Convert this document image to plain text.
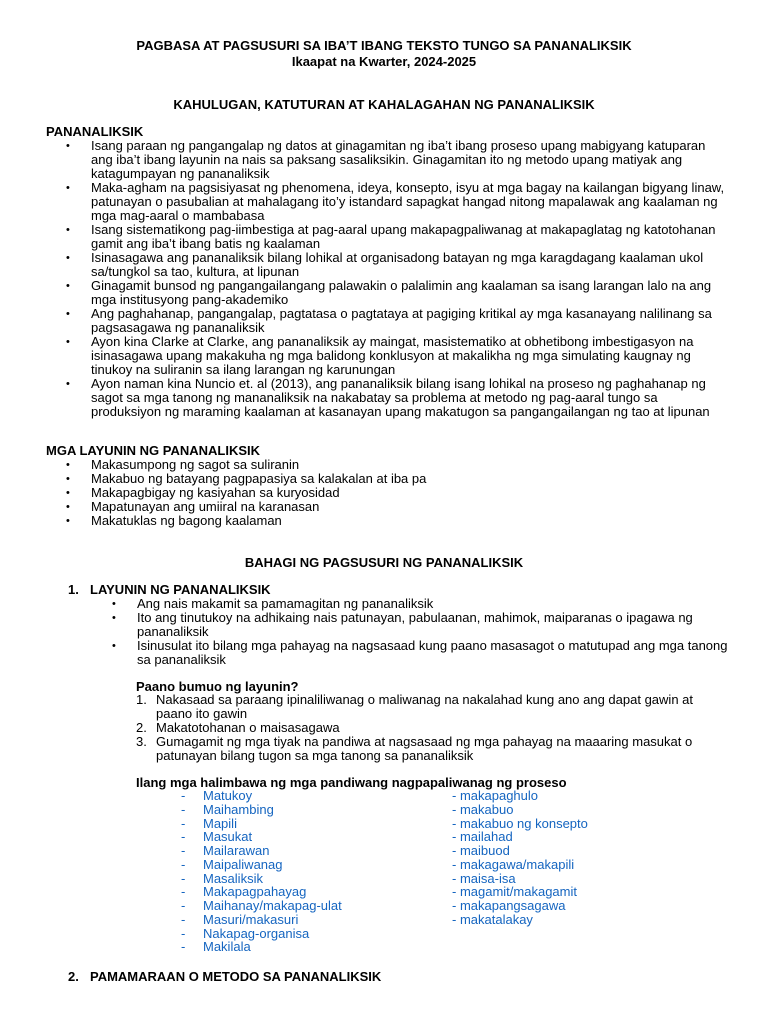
PAGBASA AT PAGSUSURI SA IBA’T IBANG TEKSTO TUNGO SA PANANALIKSIK
Ikaapat na Kwarter, 2024-2025
KAHULUGAN, KATUTURAN AT KAHALAGAHAN NG PANANALIKSIK
PANANALIKSIK
• Isang paraan ng pangangalap ng datos at ginagamitan ng iba’t ibang proseso upang mabigyang katuparan ang iba’t ibang layunin na nais sa paksang sasaliksikin. Ginagamitan ito ng metodo upang matiyak ang katagumpayan ng pananaliksik
• Maka-agham na pagsisiyasat ng phenomena, ideya, konsepto, isyu at mga bagay na kailangan bigyang linaw, patunayan o pasubalian at mahalagang ito’y istandard sapagkat hangad nitong mapalawak ang kaalaman ng mga mag-aaral o mambabasa
• Isang sistematikong pag-iimbestiga at pag-aaral upang makapagpaliwanag at makapaglatag ng katotohanan gamit ang iba’t ibang batis ng kaalaman
• Isinasagawa ang pananaliksik bilang lohikal at organisadong batayan ng mga karagdagang kaalaman ukol sa/tungkol sa tao, kultura, at lipunan
• Ginagamit bunsod ng pangangailangang palawakin o palalimin ang kaalaman sa isang larangan lalo na ang mga institusyong pang-akademiko
• Ang paghahanap, pangangalap, pagtatasa o pagtataya at pagiging kritikal ay mga kasanayang nalilinang sa pagsasagawa ng pananaliksik
• Ayon kina Clarke at Clarke, ang pananaliksik ay maingat, masistematiko at obhetibong imbestigasyon na isinasagawa upang makakuha ng mga balidong konklusyon at makalikha ng mga simulating kaugnay ng tinukoy na suliranin sa ilang larangan ng karunungan
• Ayon naman kina Nuncio et. al (2013), ang pananaliksik bilang isang lohikal na proseso ng paghahanap ng sagot sa mga tanong ng mananaliksik na nakabatay sa problema at metodo ng pag-aaral tungo sa produksiyon ng maraming kaalaman at kasanayan upang makatugon sa pangangailangan ng tao at lipunan
MGA LAYUNIN NG PANANALIKSIK
• Makasumpong ng sagot sa suliranin
• Makabuo ng batayang pagpapasiya sa kalakalan at iba pa
• Makapagbigay ng kasiyahan sa kuryosidad
• Mapatunayan ang umiiral na karanasan
• Makatuklas ng bagong kaalaman
BAHAGI NG PAGSUSURI NG PANANALIKSIK
1. LAYUNIN NG PANANALIKSIK
• Ang nais makamit sa pamamagitan ng pananaliksik
• Ito ang tinutukoy na adhikaing nais patunayan, pabulaanan, mahimok, maiparanas o ipagawa ng pananaliksik
• Isinusulat ito bilang mga pahayag na nagsasaad kung paano masasagot o matutupad ang mga tanong sa pananaliksik
Paano bumuo ng layunin?
1. Nakasaad sa paraang ipinaliliwanag o maliwanag na nakalahad kung ano ang dapat gawin at paano ito gawin
2. Makatotohanan o maisasagawa
3. Gumagamit ng mga tiyak na pandiwa at nagsasaad ng mga pahayag na maaaring masukat o patunayan bilang tugon sa mga tanong sa pananaliksik
Ilang mga halimbawa ng mga pandiwang nagpapaliwanag ng proseso
- Matukoy
- Maihambing
- Mapili
- Masukat
- Mailarawan
- Maipaliwanag
- Masaliksik
- Makapagpahayag
- Maihanay/makapag-ulat
- Masuri/makasuri
- Nakapag-organisa
- Makilala
- makapaghulo
- makabuo
- makabuo ng konsepto
- mailahad
- maibuod
- makagawa/makapili
- maisa-isa
- magamit/makagamit
- makapangsagawa
- makatalakay
2. PAMAMARAAN O METODO SA PANANALIKSIK
